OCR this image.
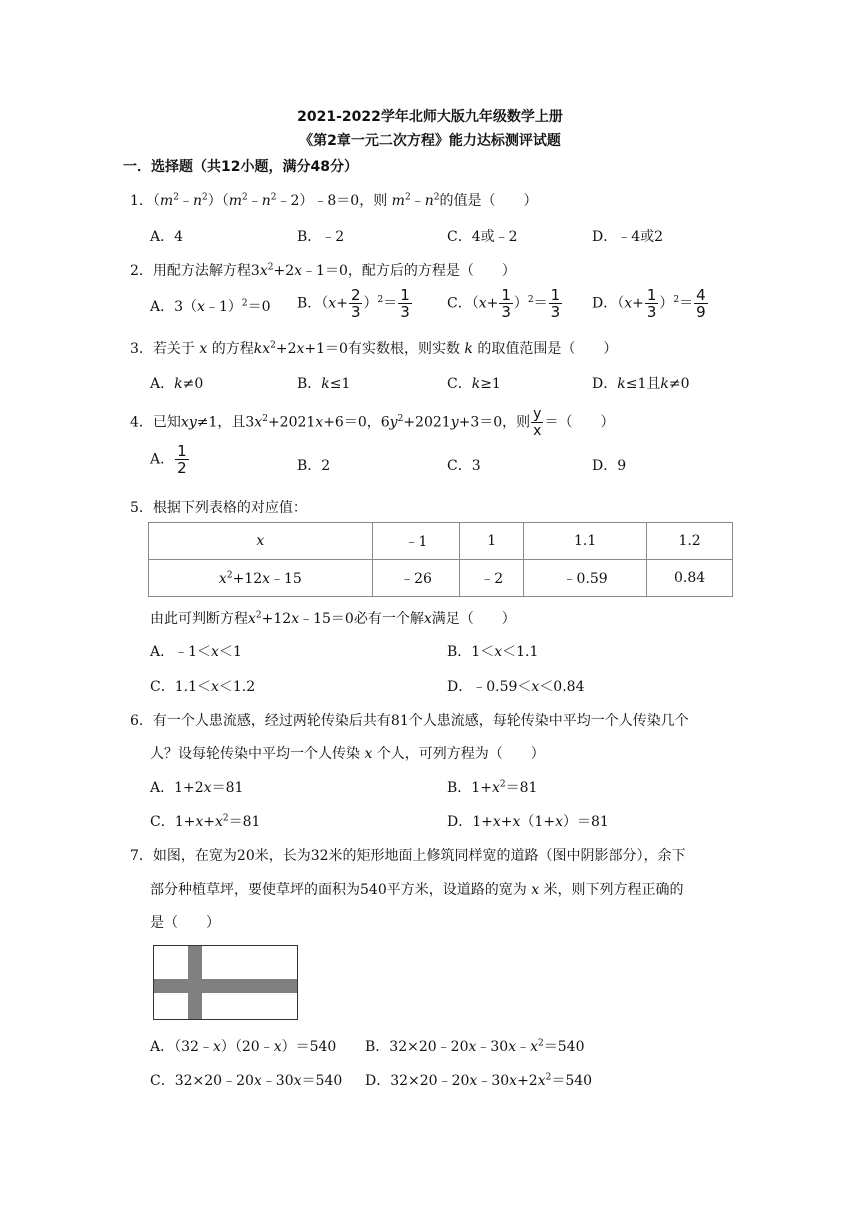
2021-2022学年北师大版九年级数学上册
《第2章一元二次方程》能力达标测评试题
一．选择题（共12小题，满分48分）
1．$(m^2﹣n^2)(m^2﹣n^2﹣2)﹣8=0$，则 $m^2﹣n^2$的值是（　　）
A．4	B．﹣2	C．4或﹣2	D．﹣4或2
2．用配方法解方程$3x^2+2x﹣1=0$，配方后的方程是（　　）
A．3（x﹣1）$^2$＝0 B．$(x+ \frac{2}{3} )^2= \frac{1}{3}$	C．$(x+ \frac{1}{3} )^2= \frac{1}{3}$ D．$(x+ \frac{1}{3} )^2= \frac{4}{9}$
3．若关于 x 的方程$kx^2+2x+1=0$有实数根，则实数 k 的取值范围是（　　）
A．k≠0	B．k≤1	C．k≥1	D．k≤1且k≠0
4．已知xy≠1，且$3x^2+2021x+6=0$，$6y^2+2021y+3=0$，则 $\frac{y}{x}$ ＝（　　）
A． $\frac{1}{2}$	B．2	C．3	D．9
5．根据下列表格的对应值：
x	﹣1	1	1.1	1.2
$x^2+12x﹣15$	﹣26	﹣2	﹣0.59	0.84
由此可判断方程$x^2+12x﹣15=0$必有一个解x满足（　　）
A．﹣1＜x＜1	B．1＜x＜1.1
C．1.1＜x＜1.2	D．﹣0.59＜x＜0.84
6．有一个人患流感，经过两轮传染后共有81个人患流感，每轮传染中平均一个人传染几个
人？设每轮传染中平均一个人传染 x 个人，可列方程为（　　）
A．1+2x＝81	B．$1+x^2=81$
C．$1+x+x^2=81$	D．1+x+x（1+x）＝81
7．如图，在宽为20米，长为32米的矩形地面上修筑同样宽的道路（图中阴影部分），余下
部分种植草坪，要使草坪的面积为540平方米，设道路的宽为 x 米，则下列方程正确的
是（　　）
A．（32﹣x）（20﹣x）＝540 B．$32\times 20﹣20x﹣30x﹣x^2=540$
C．32×20﹣20x﹣30x＝540 D．$32\times 20﹣20x﹣30x+2x^2=540$
